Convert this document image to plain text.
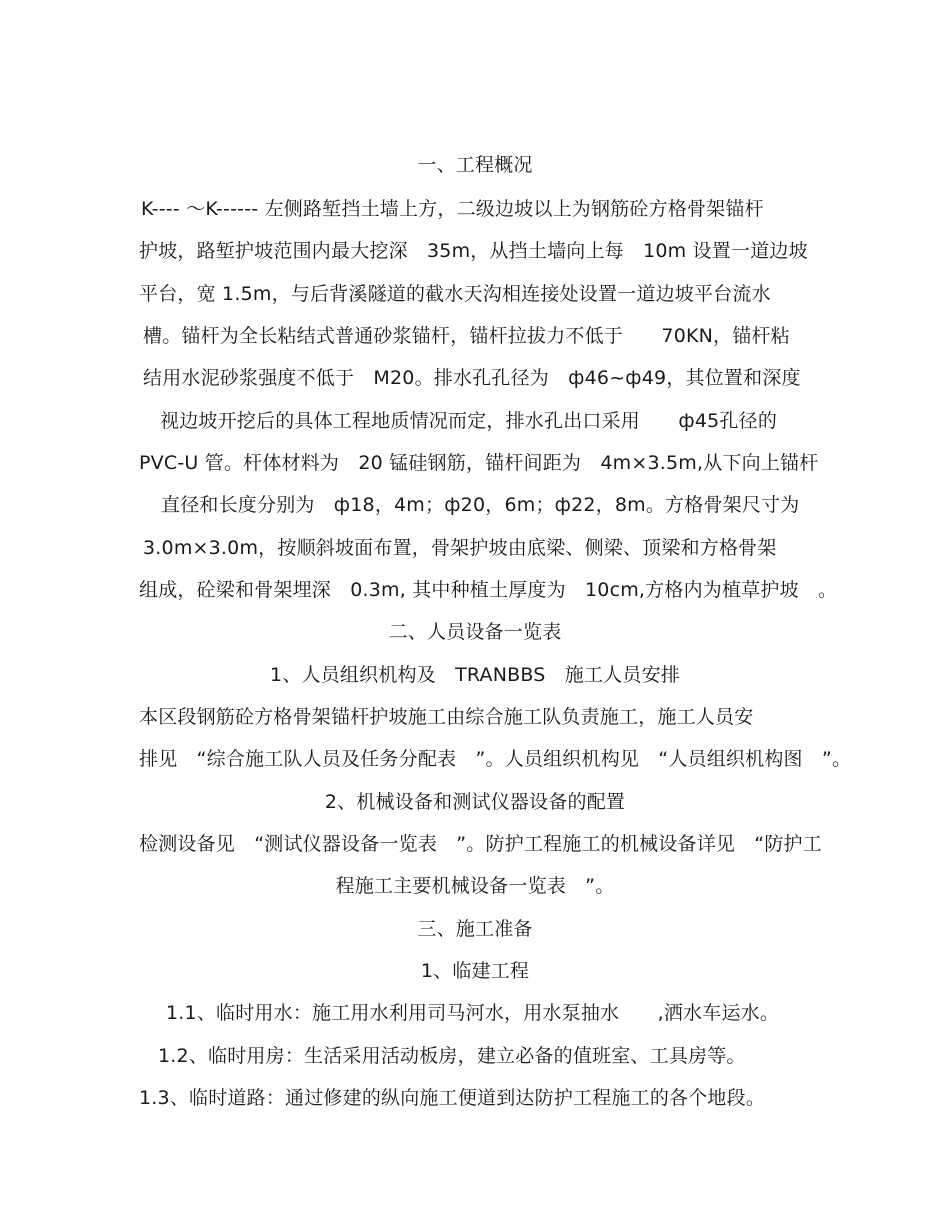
一、工程概况
K---- ～K------ 左侧路堑挡土墙上方，二级边坡以上为钢筋砼方格骨架锚杆
护坡，路堑护坡范围内最大挖深　35m，从挡土墙向上每　10m 设置一道边坡
平台，宽 1.5m，与后背溪隧道的截水天沟相连接处设置一道边坡平台流水
槽。锚杆为全长粘结式普通砂浆锚杆，锚杆拉拔力不低于　　70KN，锚杆粘
结用水泥砂浆强度不低于　M20。排水孔孔径为　ф46~ф49，其位置和深度
视边坡开挖后的具体工程地质情况而定，排水孔出口采用　　ф45孔径的
PVC-U 管。杆体材料为　20 锰硅钢筋，锚杆间距为　4m×3.5m,从下向上锚杆
直径和长度分别为　ф18，4m；ф20，6m；ф22，8m。方格骨架尺寸为
3.0m×3.0m，按顺斜坡面布置，骨架护坡由底梁、侧梁、顶梁和方格骨架
组成，砼梁和骨架埋深　0.3m, 其中种植土厚度为　10cm,方格内为植草护坡　。
二、人员设备一览表
1、人员组织机构及　TRANBBS　施工人员安排
本区段钢筋砼方格骨架锚杆护坡施工由综合施工队负责施工，施工人员安
排见　“综合施工队人员及任务分配表　”。人员组织机构见　“人员组织机构图　”。
2、机械设备和测试仪器设备的配置
检测设备见　“测试仪器设备一览表　”。防护工程施工的机械设备详见　“防护工
程施工主要机械设备一览表　”。
三、施工准备
1、临建工程
1.1、临时用水：施工用水利用司马河水，用水泵抽水　　,洒水车运水。
1.2、临时用房：生活采用活动板房，建立必备的值班室、工具房等。
1.3、临时道路：通过修建的纵向施工便道到达防护工程施工的各个地段。
